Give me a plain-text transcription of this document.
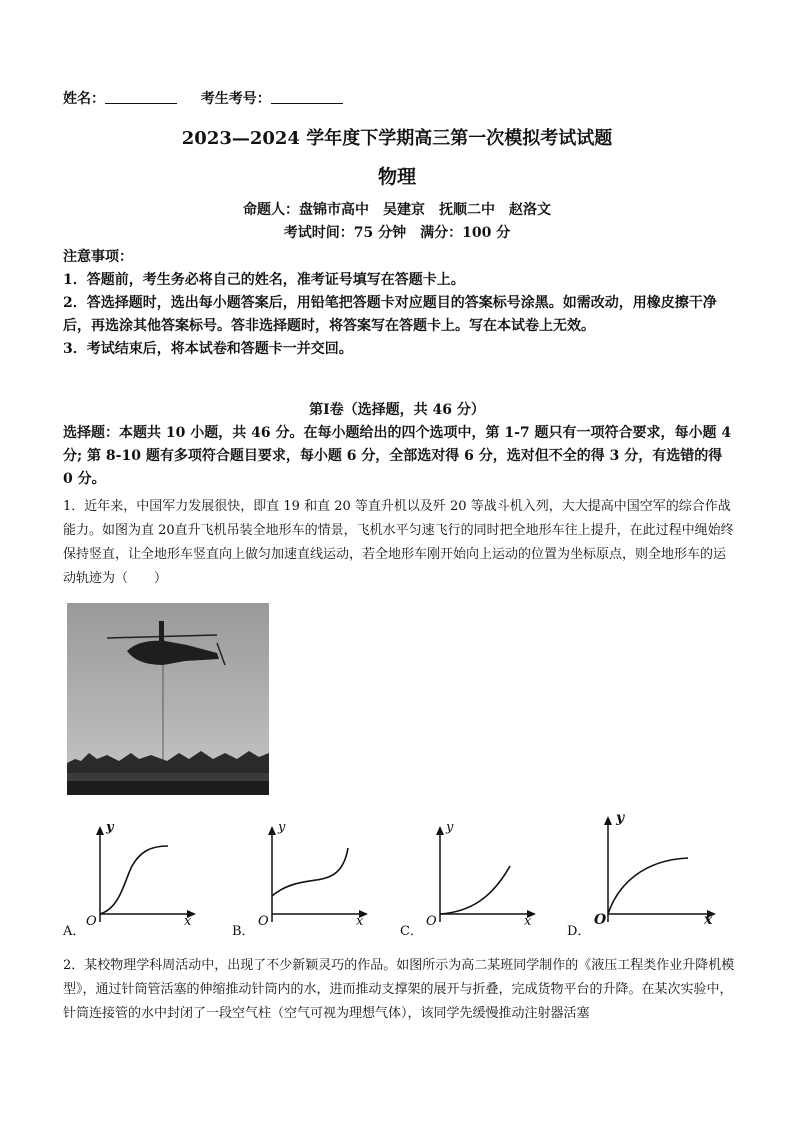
姓名：	考生考号：
2023—2024 学年度下学期高三第一次模拟考试试题
物理
命题人：盘锦市高中　吴建京　抚顺二中　赵洛文
考试时间：75 分钟　满分：100 分
注意事项：
1．答题前，考生务必将自己的姓名，准考证号填写在答题卡上。
2．答选择题时，选出每小题答案后，用铅笔把答题卡对应题目的答案标号涂黑。如需改动，用橡皮擦干净后，再选涂其他答案标号。答非选择题时，将答案写在答题卡上。写在本试卷上无效。
3．考试结束后，将本试卷和答题卡一并交回。
第Ⅰ卷（选择题，共 46 分）
选择题：本题共 10 小题，共 46 分。在每小题给出的四个选项中，第 1-7 题只有一项符合要求，每小题 4 分; 第 8-10 题有多项符合题目要求，每小题 6 分，全部选对得 6 分，选对但不全的得 3 分，有选错的得 0 分。
1．近年来，中国军力发展很快，即直 19 和直 20 等直升机以及歼 20 等战斗机入列，大大提高中国空军的综合作战能力。如图为直 20直升飞机吊装全地形车的情景，飞机水平匀速飞行的同时把全地形车往上提升，在此过程中绳始终保持竖直，让全地形车竖直向上做匀加速直线运动，若全地形车刚开始向上运动的位置为坐标原点，则全地形车的运动轨迹为（　　）
y
x
O
A．
y
x
O
B．
y
x
O
C．
y
x
O
D．
2．某校物理学科周活动中，出现了不少新颖灵巧的作品。如图所示为高二某班同学制作的《液压工程类作业升降机模型》，通过针筒管活塞的伸缩推动针筒内的水，进而推动支撑架的展开与折叠，完成货物平台的升降。在某次实验中，针筒连接管的水中封闭了一段空气柱（空气可视为理想气体），该同学先缓慢推动注射器活塞
